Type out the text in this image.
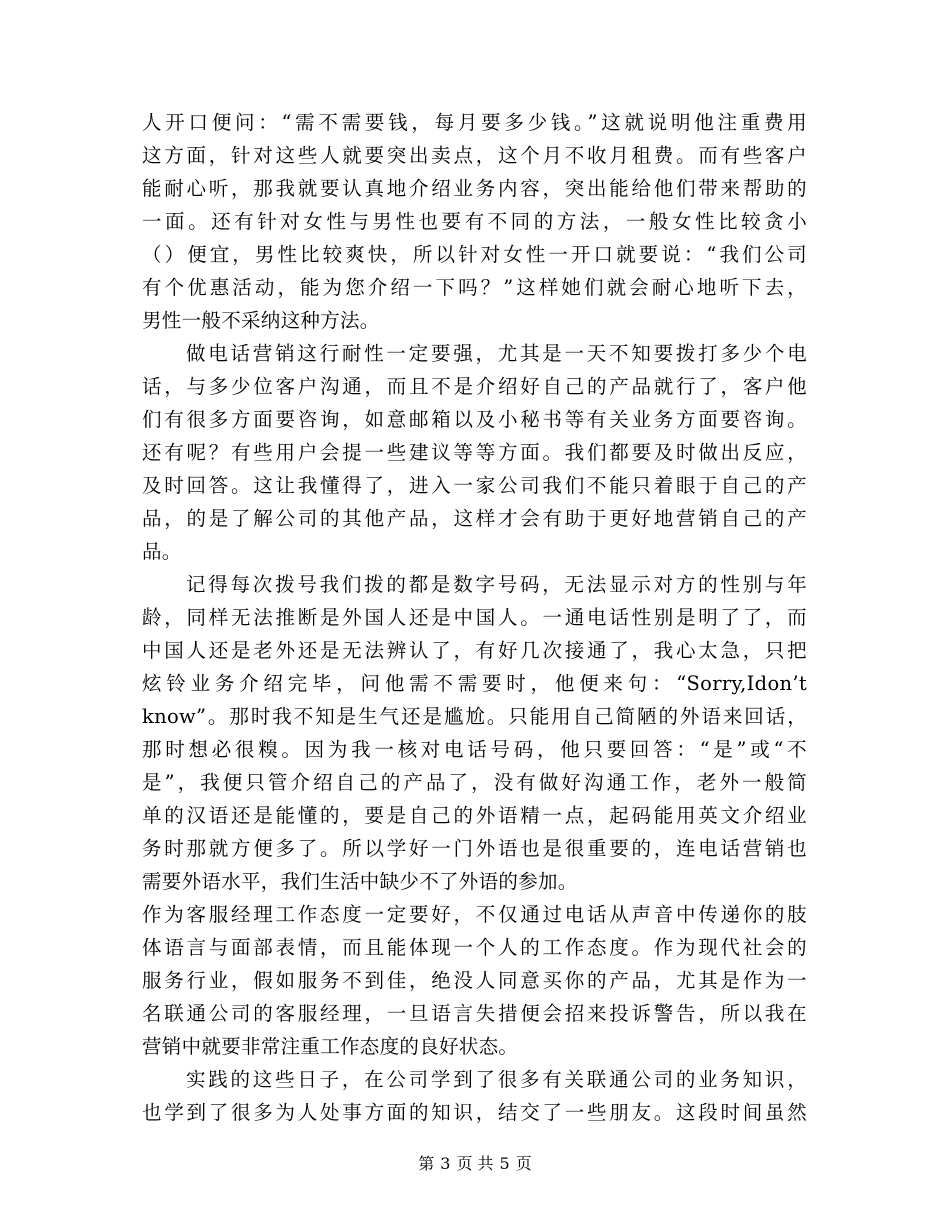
人开口便问：“需不需要钱，每月要多少钱。”这就说明他注重费用
这方面，针对这些人就要突出卖点，这个月不收月租费。而有些客户
能耐心听，那我就要认真地介绍业务内容，突出能给他们带来帮助的
一面。还有针对女性与男性也要有不同的方法，一般女性比较贪小
（）便宜，男性比较爽快，所以针对女性一开口就要说：“我们公司
有个优惠活动，能为您介绍一下吗？”这样她们就会耐心地听下去，
男性一般不采纳这种方法。
做电话营销这行耐性一定要强，尤其是一天不知要拨打多少个电
话，与多少位客户沟通，而且不是介绍好自己的产品就行了，客户他
们有很多方面要咨询，如意邮箱以及小秘书等有关业务方面要咨询。
还有呢？有些用户会提一些建议等等方面。我们都要及时做出反应，
及时回答。这让我懂得了，进入一家公司我们不能只着眼于自己的产
品，的是了解公司的其他产品，这样才会有助于更好地营销自己的产
品。
记得每次拨号我们拨的都是数字号码，无法显示对方的性别与年
龄，同样无法推断是外国人还是中国人。一通电话性别是明了了，而
中国人还是老外还是无法辨认了，有好几次接通了，我心太急，只把
炫铃业务介绍完毕，问他需不需要时，他便来句：“Sorry,Idon’t
know”。那时我不知是生气还是尴尬。只能用自己简陋的外语来回话，
那时想必很糗。因为我一核对电话号码，他只要回答：“是”或“不
是”，我便只管介绍自己的产品了，没有做好沟通工作，老外一般简
单的汉语还是能懂的，要是自己的外语精一点，起码能用英文介绍业
务时那就方便多了。所以学好一门外语也是很重要的，连电话营销也
需要外语水平，我们生活中缺少不了外语的参加。
作为客服经理工作态度一定要好，不仅通过电话从声音中传递你的肢
体语言与面部表情，而且能体现一个人的工作态度。作为现代社会的
服务行业，假如服务不到佳，绝没人同意买你的产品，尤其是作为一
名联通公司的客服经理，一旦语言失措便会招来投诉警告，所以我在
营销中就要非常注重工作态度的良好状态。
实践的这些日子，在公司学到了很多有关联通公司的业务知识，
也学到了很多为人处事方面的知识，结交了一些朋友。这段时间虽然
第 3 页 共 5 页
